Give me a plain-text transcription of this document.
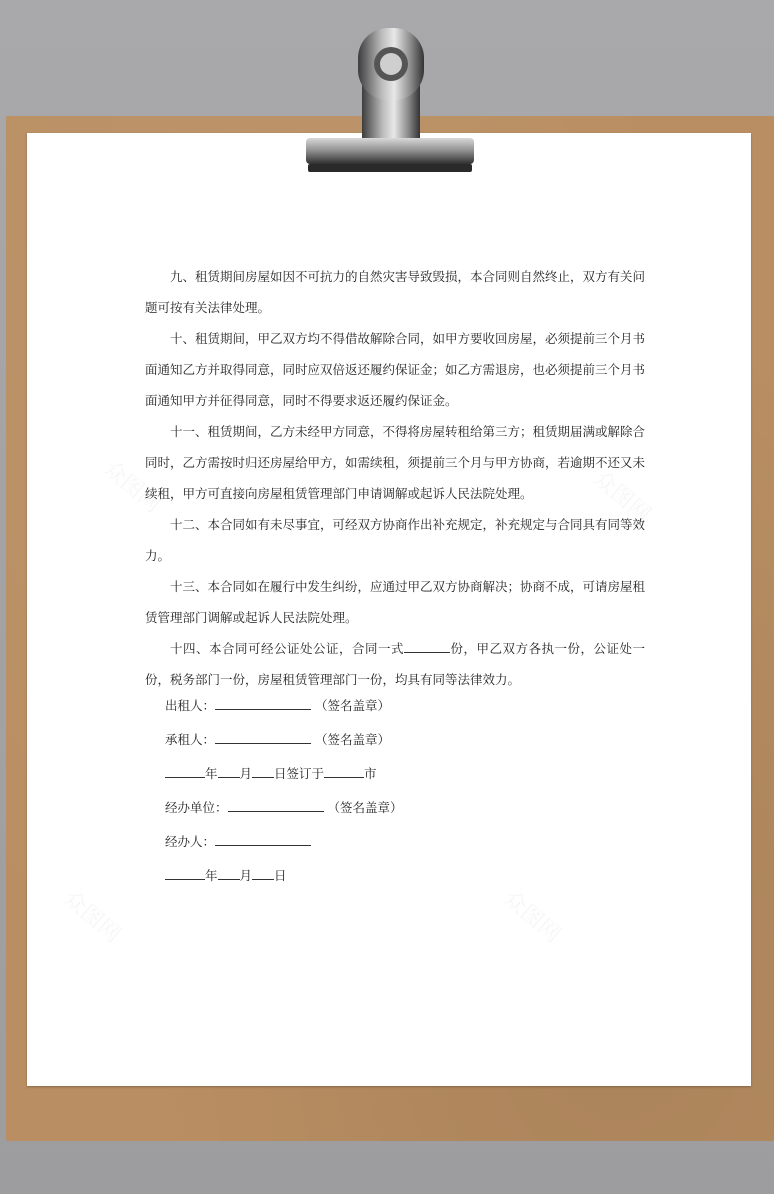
众图网	众图网
众图网	众图网

九、租赁期间房屋如因不可抗力的自然灾害导致毁损，本合同则自然终止，双方有关问题可按有关法律处理。

十、租赁期间，甲乙双方均不得借故解除合同，如甲方要收回房屋，必须提前三个月书面通知乙方并取得同意，同时应双倍返还履约保证金；如乙方需退房，也必须提前三个月书面通知甲方并征得同意，同时不得要求返还履约保证金。

十一、租赁期间，乙方未经甲方同意，不得将房屋转租给第三方；租赁期届满或解除合同时，乙方需按时归还房屋给甲方，如需续租，须提前三个月与甲方协商，若逾期不还又未续租，甲方可直接向房屋租赁管理部门申请调解或起诉人民法院处理。

十二、本合同如有未尽事宜，可经双方协商作出补充规定，补充规定与合同具有同等效力。

十三、本合同如在履行中发生纠纷，应通过甲乙双方协商解决；协商不成，可请房屋租赁管理部门调解或起诉人民法院处理。

十四、本合同可经公证处公证，合同一式	份，甲乙双方各执一份，公证处一份，税务部门一份，房屋租赁管理部门一份，均具有同等法律效力。

出租人：	（签名盖章）
承租人：	（签名盖章）
年 月 日签订于	市
经办单位：	（签名盖章）
经办人：
年 月 日
